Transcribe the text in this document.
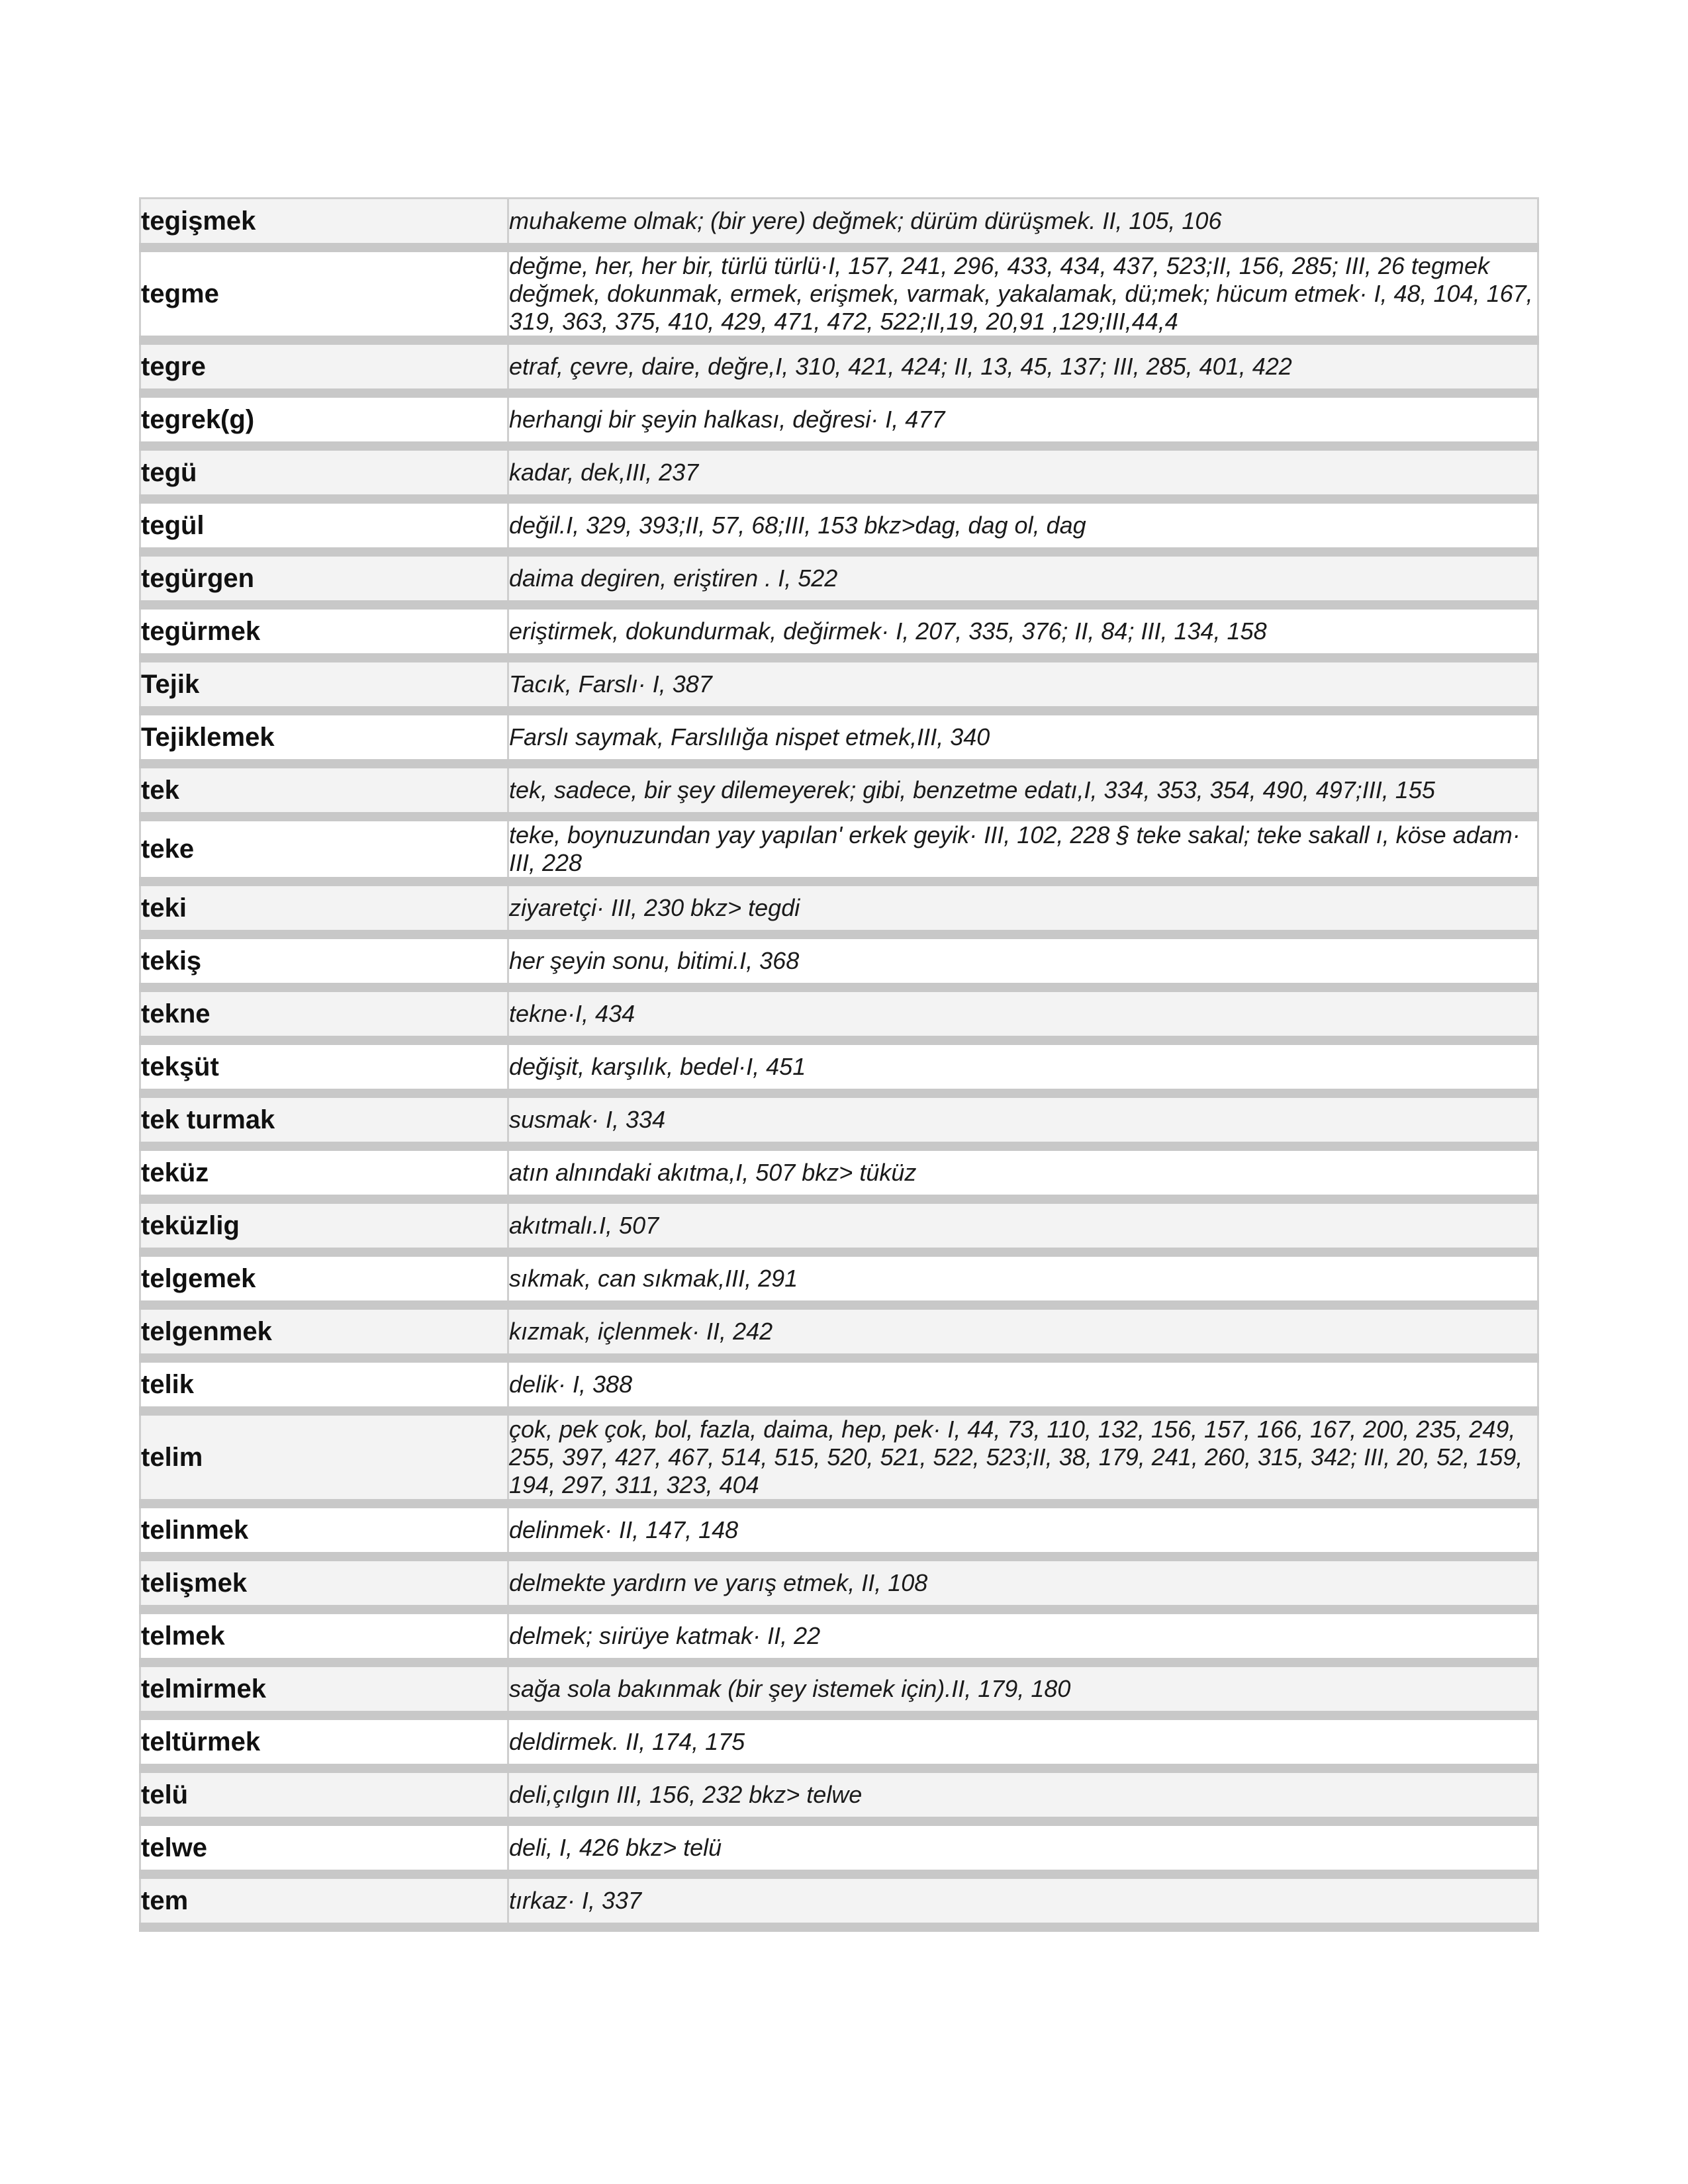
tegişmek	muhakeme olmak; (bir yere) değmek; dürüm dürüşmek. II, 105, 106
tegme	değme, her, her bir, türlü türlü·I, 157, 241, 296, 433, 434, 437, 523;II, 156, 285; III, 26 tegmek değmek, dokunmak, ermek, erişmek, varmak, yakalamak, dü;mek; hücum etmek· I, 48, 104, 167, 319, 363, 375, 410, 429, 471, 472, 522;II,19, 20,91 ,129;III,44,4
tegre	etraf, çevre, daire, değre,I, 310, 421, 424; II, 13, 45, 137; III, 285, 401, 422
tegrek(g)	herhangi bir şeyin halkası, değresi· I, 477
tegü	kadar, dek,III, 237
tegül	değil.I, 329, 393;II, 57, 68;III, 153 bkz>dag, dag ol, dag
tegürgen	daima degiren, eriştiren . I, 522
tegürmek	eriştirmek, dokundurmak, değirmek· I, 207, 335, 376; II, 84; III, 134, 158
Tejik	Tacık, Farslı· I, 387
Tejiklemek	Farslı saymak, Farslılığa nispet etmek,III, 340
tek	tek, sadece, bir şey dilemeyerek; gibi, benzetme edatı,I, 334, 353, 354, 490, 497;III, 155
teke	teke, boynuzundan yay yapılan' erkek geyik· III, 102, 228 § teke sakal; teke sakall ı, köse adam· III, 228
teki	ziyaretçi· III, 230 bkz> tegdi
tekiş	her şeyin sonu, bitimi.I, 368
tekne	tekne·I, 434
tekşüt	değişit, karşılık, bedel·I, 451
tek turmak	susmak· I, 334
teküz	atın alnındaki akıtma,I, 507 bkz> tüküz
teküzlig	akıtmalı.I, 507
telgemek	sıkmak, can sıkmak,III, 291
telgenmek	kızmak, içlenmek· II, 242
telik	delik· I, 388
telim	çok, pek çok, bol, fazla, daima, hep, pek· I, 44, 73, 110, 132, 156, 157, 166, 167, 200, 235, 249, 255, 397, 427, 467, 514, 515, 520, 521, 522, 523;II, 38, 179, 241, 260, 315, 342; III, 20, 52, 159, 194, 297, 311, 323, 404
telinmek	delinmek· II, 147, 148
telişmek	delmekte yardırn ve yarış etmek, II, 108
telmek	delmek; sıirüye katmak· II, 22
telmirmek	sağa sola bakınmak (bir şey istemek için).II, 179, 180
teltürmek	deldirmek. II, 174, 175
telü	deli,çılgın III, 156, 232 bkz> telwe
telwe	deli, I, 426 bkz> telü
tem	tırkaz· I, 337
